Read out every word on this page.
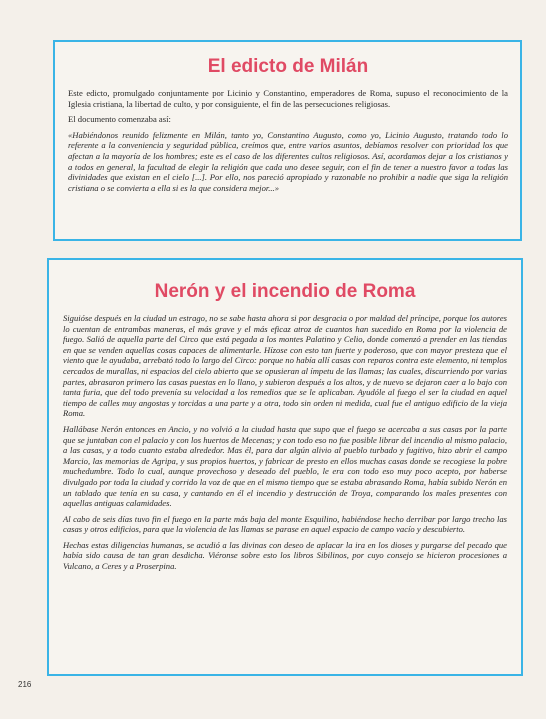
El edicto de Milán

Este edicto, promulgado conjuntamente por Licinio y Constantino, emperadores de Roma, supuso el reconocimiento de la Iglesia cristiana, la libertad de culto, y por consiguiente, el fin de las persecuciones religiosas.

El documento comenzaba así:

«Habiéndonos reunido felizmente en Milán, tanto yo, Constantino Augusto, como yo, Licinio Augusto, tratando todo lo referente a la conveniencia y seguridad pública, creímos que, entre varios asuntos, debíamos resolver con prioridad los que afectan a la mayoría de los hombres; este es el caso de los diferentes cultos religiosos. Así, acordamos dejar a los cristianos y a todos en general, la facultad de elegir la religión que cada uno desee seguir, con el fin de tener a nuestro favor a todas las divinidades que existan en el cielo [...]. Por ello, nos pareció apropiado y razonable no prohibir a nadie que siga la religión cristiana o se convierta a ella si es la que considera mejor...»

Nerón y el incendio de Roma

Siguióse después en la ciudad un estrago, no se sabe hasta ahora si por desgracia o por maldad del príncipe, porque los autores lo cuentan de entrambas maneras, el más grave y el más eficaz atroz de cuantos han sucedido en Roma por la violencia de fuego. Salió de aquella parte del Circo que está pegada a los montes Palatino y Celio, donde comenzó a prender en las tiendas en que se venden aquellas cosas capaces de alimentarle. Hízose con esto tan fuerte y poderoso, que con mayor presteza que el viento que le ayudaba, arrebató todo lo largo del Circo: porque no había allí casas con reparos contra este elemento, ni templos cercados de murallas, ni espacios del cielo abierto que se opusieran al ímpetu de las llamas; las cuales, discurriendo por varias partes, abrasaron primero las casas puestas en lo llano, y subieron después a los altos, y de nuevo se dejaron caer a lo bajo con tanta furia, que del todo prevenía su velocidad a los remedios que se le aplicaban. Ayudóle al fuego el ser la ciudad en aquel tiempo de calles muy angostas y torcidas a una parte y a otra, todo sin orden ni medida, cual fue el antiguo edificio de la vieja Roma.

Hallábase Nerón entonces en Ancio, y no volvió a la ciudad hasta que supo que el fuego se acercaba a sus casas por la parte que se juntaban con el palacio y con los huertos de Mecenas; y con todo eso no fue posible librar del incendio al mismo palacio, a las casas, y a todo cuanto estaba alrededor. Mas él, para dar algún alivio al pueblo turbado y fugitivo, hizo abrir el campo Marcio, las memorias de Agripa, y sus propios huertos, y fabricar de presto en ellos muchas casas donde se recogiese la pobre muchedumbre. Todo lo cual, aunque provechoso y deseado del pueblo, le era con todo eso muy poco acepto, por haberse divulgado por toda la ciudad y corrido la voz de que en el mismo tiempo que se estaba abrasando Roma, había subido Nerón en un tablado que tenía en su casa, y cantando en él el incendio y destrucción de Troya, comparando los males presentes con aquellas antiguas calamidades.

Al cabo de seis días tuvo fin el fuego en la parte más baja del monte Esquilino, habiéndose hecho derribar por largo trecho las casas y otros edificios, para que la violencia de las llamas se parase en aquel espacio de campo vacío y descubierto.

Hechas estas diligencias humanas, se acudió a las divinas con deseo de aplacar la ira en los dioses y purgarse del pecado que había sido causa de tan gran desdicha. Viéronse sobre esto los libros Sibilinos, por cuyo consejo se hicieron procesiones a Vulcano, a Ceres y a Proserpina.

216
